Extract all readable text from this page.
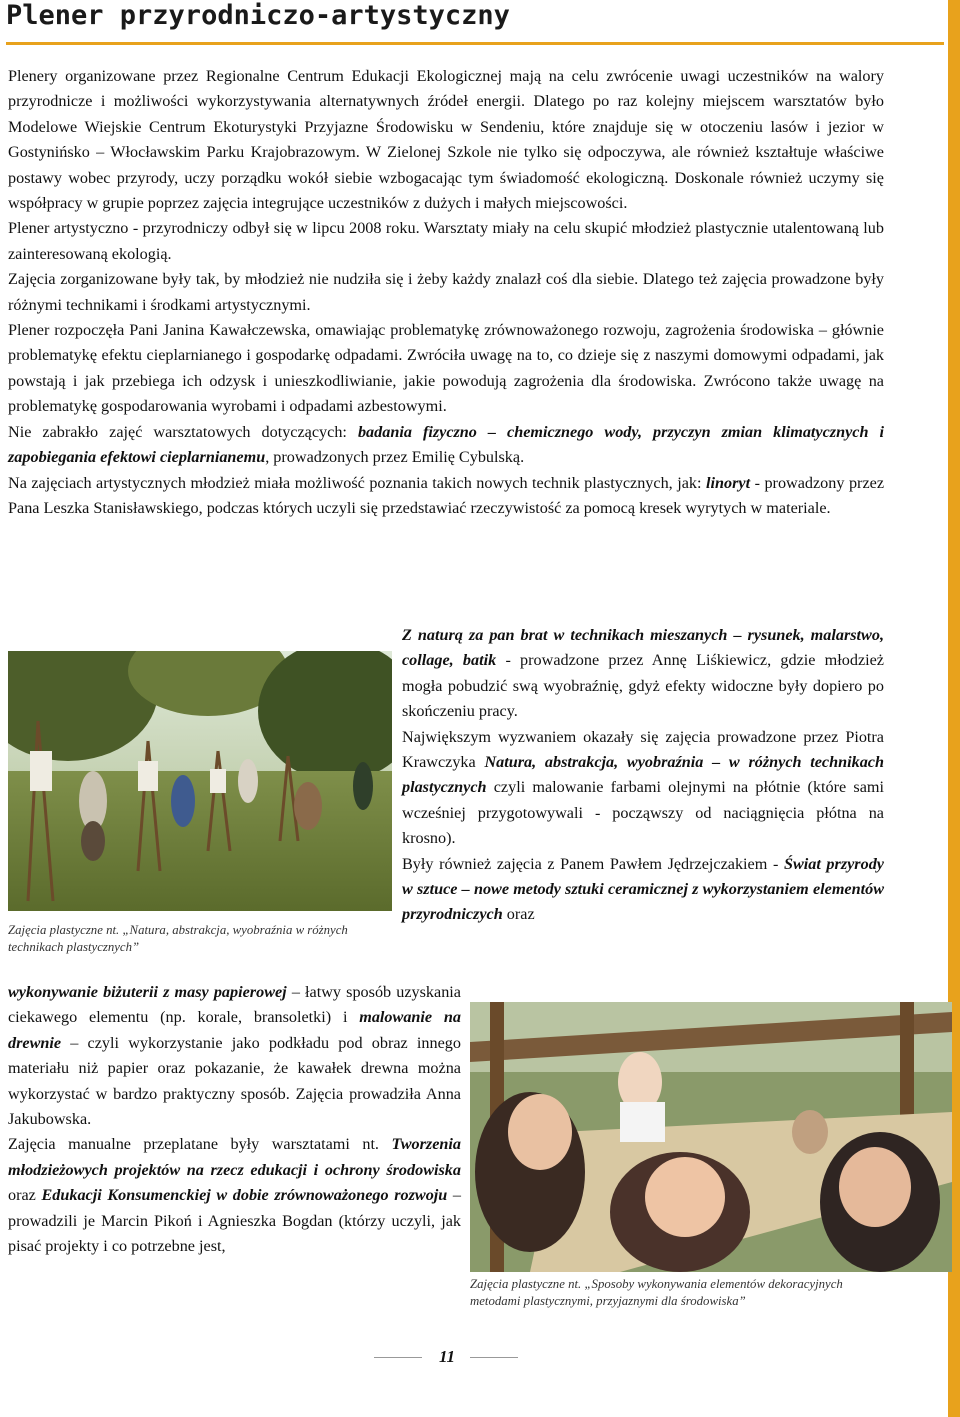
Plener przyrodniczo-artystyczny

Plenery organizowane przez Regionalne Centrum Edukacji Ekologicznej mają na celu zwrócenie uwagi uczestników na walory przyrodnicze i możliwości wykorzystywania alternatywnych źródeł energii. Dlatego po raz kolejny miejscem warsztatów było Modelowe Wiejskie Centrum Ekoturystyki Przyjazne Środowisku w Sendeniu, które znajduje się w otoczeniu lasów i jezior w Gostynińsko – Włocławskim Parku Krajobrazowym. W Zielonej Szkole nie tylko się odpoczywa, ale również kształtuje właściwe postawy wobec przyrody, uczy porządku wokół siebie wzbogacając tym świadomość ekologiczną. Doskonale również uczymy się współpracy w grupie poprzez zajęcia integrujące uczestników z dużych i małych miejscowości.

Plener artystyczno - przyrodniczy odbył się w lipcu 2008 roku. Warsztaty miały na celu skupić młodzież plastycznie utalentowaną lub zainteresowaną ekologią.

Zajęcia zorganizowane były tak, by młodzież nie nudziła się i żeby każdy znalazł coś dla siebie. Dlatego też zajęcia prowadzone były różnymi technikami i środkami artystycznymi.

Plener rozpoczęła Pani Janina Kawałczewska, omawiając problematykę zrównoważonego rozwoju, zagrożenia środowiska – głównie problematykę efektu cieplarnianego i gospodarkę odpadami. Zwróciła uwagę na to, co dzieje się z naszymi domowymi odpadami, jak powstają i jak przebiega ich odzysk i unieszkodliwianie, jakie powodują zagrożenia dla środowiska. Zwrócono także uwagę na problematykę gospodarowania wyrobami i odpadami azbestowymi.

Nie zabrakło zajęć warsztatowych dotyczących: badania fizyczno – chemicznego wody, przyczyn zmian klimatycznych i zapobiegania efektowi cieplarnianemu, prowadzonych przez Emilię Cybulską.

Na zajęciach artystycznych młodzież miała możliwość poznania takich nowych technik plastycznych, jak: linoryt - prowadzony przez Pana Leszka Stanisławskiego, podczas których uczyli się przedstawiać rzeczywistość za pomocą kresek wyrytych w materiale.

Zajęcia plastyczne nt. „Natura, abstrakcja, wyobraźnia w różnych technikach plastycznych”

Z naturą za pan brat w technikach mieszanych – rysunek, malarstwo, collage, batik - prowadzone przez Annę Liśkiewicz, gdzie młodzież mogła pobudzić swą wyobraźnię, gdyż efekty widoczne były dopiero po skończeniu pracy.

Największym wyzwaniem okazały się zajęcia prowadzone przez Piotra Krawczyka Natura, abstrakcja, wyobraźnia – w różnych technikach plastycznych czyli malowanie farbami olejnymi na płótnie (które sami wcześniej przygotowywali - począwszy od naciągnięcia płótna na krosno).

Były również zajęcia z Panem Pawłem Jędrzejczakiem - Świat przyrody w sztuce – nowe metody sztuki ceramicznej z wykorzystaniem elementów przyrodniczych oraz

wykonywanie biżuterii z masy papierowej – łatwy sposób uzyskania ciekawego elementu (np. korale, bransoletki) i malowanie na drewnie – czyli wykorzystanie jako podkładu pod obraz innego materiału niż papier oraz pokazanie, że kawałek drewna można wykorzystać w bardzo praktyczny sposób. Zajęcia prowadziła Anna Jakubowska.

Zajęcia manualne przeplatane były warsztatami nt. Tworzenia młodzieżowych projektów na rzecz edukacji i ochrony środowiska oraz Edukacji Konsumenckiej w dobie zrównoważonego rozwoju – prowadzili je Marcin Pikoń i Agnieszka Bogdan (którzy uczyli, jak pisać projekty i co potrzebne jest,

Zajęcia plastyczne nt. „Sposoby wykonywania elementów dekoracyjnych metodami plastycznymi, przyjaznymi dla środowiska”
11
